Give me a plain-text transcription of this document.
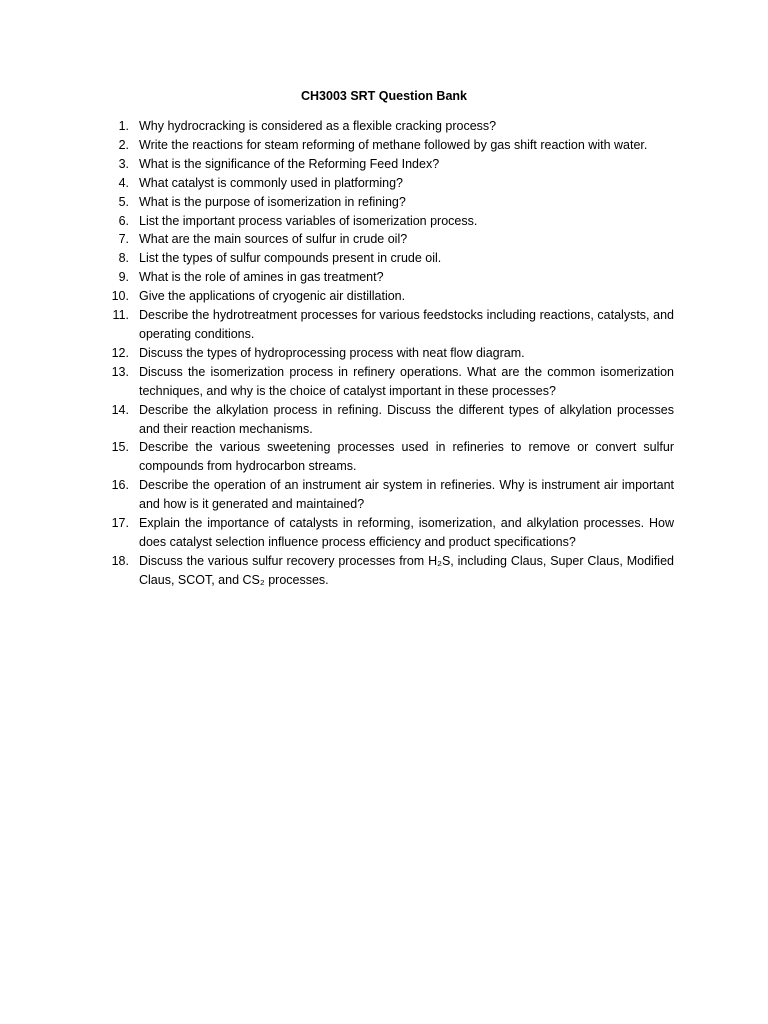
CH3003 SRT Question Bank
1. Why hydrocracking is considered as a flexible cracking process?
2. Write the reactions for steam reforming of methane followed by gas shift reaction with water.
3. What is the significance of the Reforming Feed Index?
4. What catalyst is commonly used in platforming?
5. What is the purpose of isomerization in refining?
6. List the important process variables of isomerization process.
7. What are the main sources of sulfur in crude oil?
8. List the types of sulfur compounds present in crude oil.
9. What is the role of amines in gas treatment?
10. Give the applications of cryogenic air distillation.
11. Describe the hydrotreatment processes for various feedstocks including reactions, catalysts, and operating conditions.
12. Discuss the types of hydroprocessing process with neat flow diagram.
13. Discuss the isomerization process in refinery operations. What are the common isomerization techniques, and why is the choice of catalyst important in these processes?
14. Describe the alkylation process in refining. Discuss the different types of alkylation processes and their reaction mechanisms.
15. Describe the various sweetening processes used in refineries to remove or convert sulfur compounds from hydrocarbon streams.
16. Describe the operation of an instrument air system in refineries. Why is instrument air important and how is it generated and maintained?
17. Explain the importance of catalysts in reforming, isomerization, and alkylation processes. How does catalyst selection influence process efficiency and product specifications?
18. Discuss the various sulfur recovery processes from H₂S, including Claus, Super Claus, Modified Claus, SCOT, and CS₂ processes.
